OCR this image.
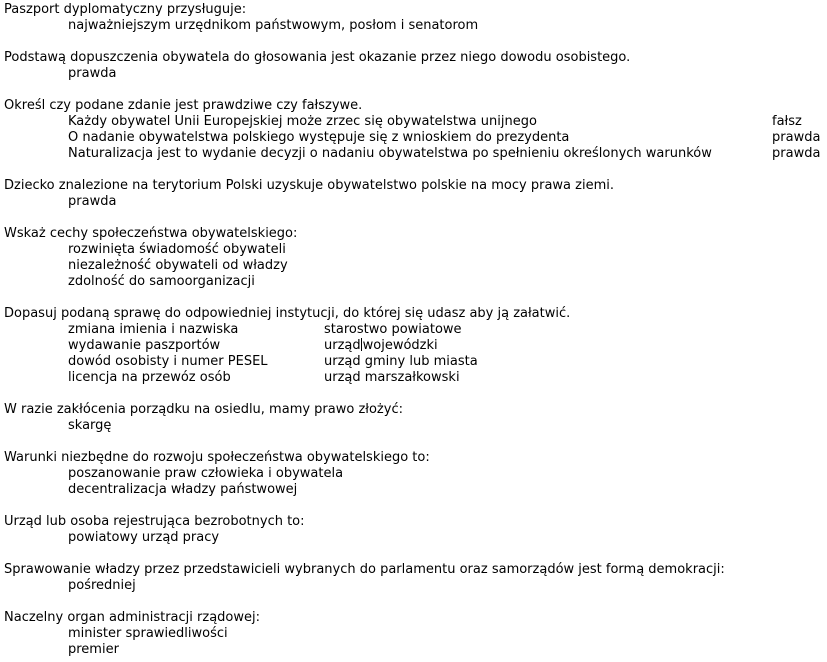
Paszport dyplomatyczny przysługuje:
najważniejszym urzędnikom państwowym, posłom i senatorom
Podstawą dopuszczenia obywatela do głosowania jest okazanie przez niego dowodu osobistego.
prawda
Określ czy podane zdanie jest prawdziwe czy fałszywe.
Każdy obywatel Unii Europejskiej może zrzec się obywatelstwa unijnego	fałsz
O nadanie obywatelstwa polskiego występuje się z wnioskiem do prezydenta	prawda
Naturalizacja jest to wydanie decyzji o nadaniu obywatelstwa po spełnieniu określonych warunków	prawda
Dziecko znalezione na terytorium Polski uzyskuje obywatelstwo polskie na mocy prawa ziemi.
prawda
Wskaż cechy społeczeństwa obywatelskiego:
rozwinięta świadomość obywateli
niezależność obywateli od władzy
zdolność do samoorganizacji
Dopasuj podaną sprawę do odpowiedniej instytucji, do której się udasz aby ją załatwić.
zmiana imienia i nazwiska	starostwo powiatowe
wydawanie paszportów	urząd wojewódzki
dowód osobisty i numer PESEL	urząd gminy lub miasta
licencja na przewóz osób	urząd marszałkowski
W razie zakłócenia porządku na osiedlu, mamy prawo złożyć:
skargę
Warunki niezbędne do rozwoju społeczeństwa obywatelskiego to:
poszanowanie praw człowieka i obywatela
decentralizacja władzy państwowej
Urząd lub osoba rejestrująca bezrobotnych to:
powiatowy urząd pracy
Sprawowanie władzy przez przedstawicieli wybranych do parlamentu oraz samorządów jest formą demokracji:
pośredniej
Naczelny organ administracji rządowej:
minister sprawiedliwości
premier
